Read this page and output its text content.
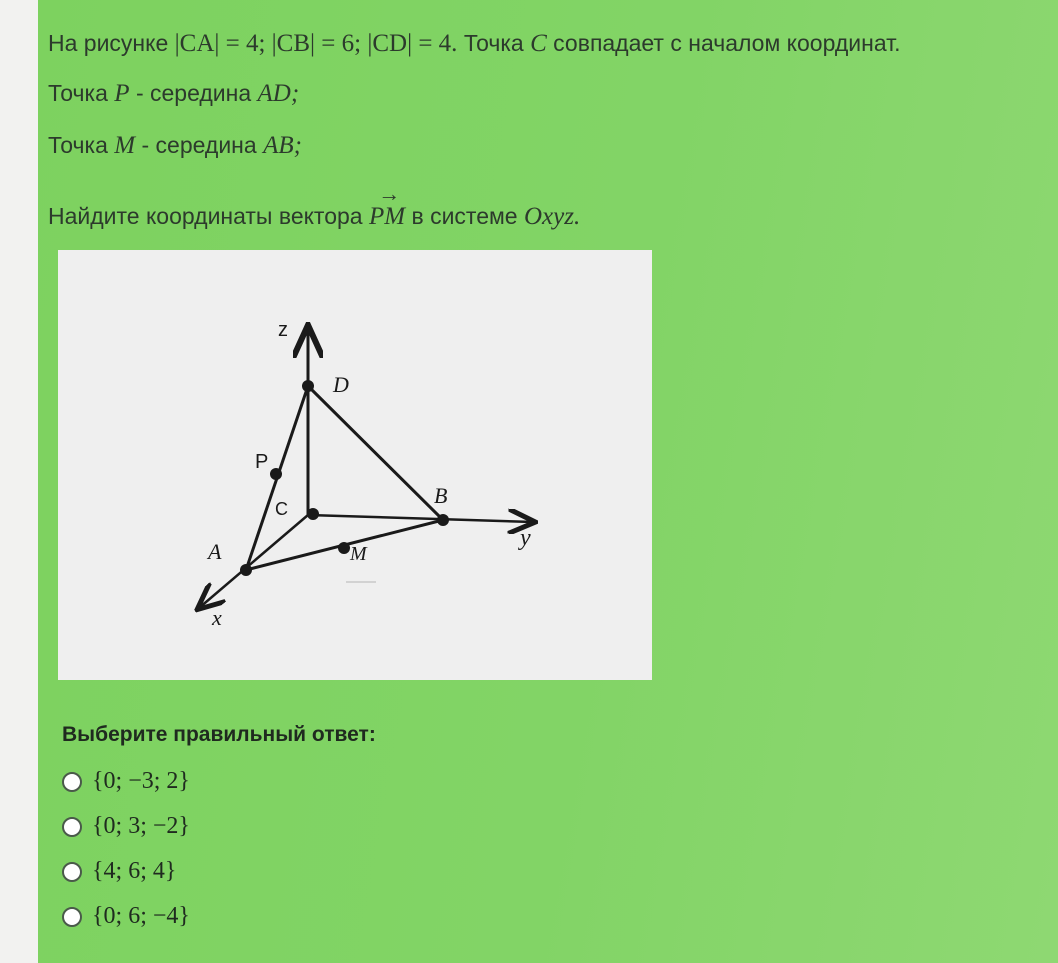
На рисунке |CA| = 4; |CB| = 6; |CD| = 4. Точка C совпадает с началом координат.
Точка P - середина AD;
Точка M - середина AB;
Найдите координаты вектора
→
PM в системе Oxyz.
z
y
x
D
P
C
B
A	M
Выберите правильный ответ:
{0; −3; 2}
{0; 3; −2}
{4; 6; 4}
{0; 6; −4}
